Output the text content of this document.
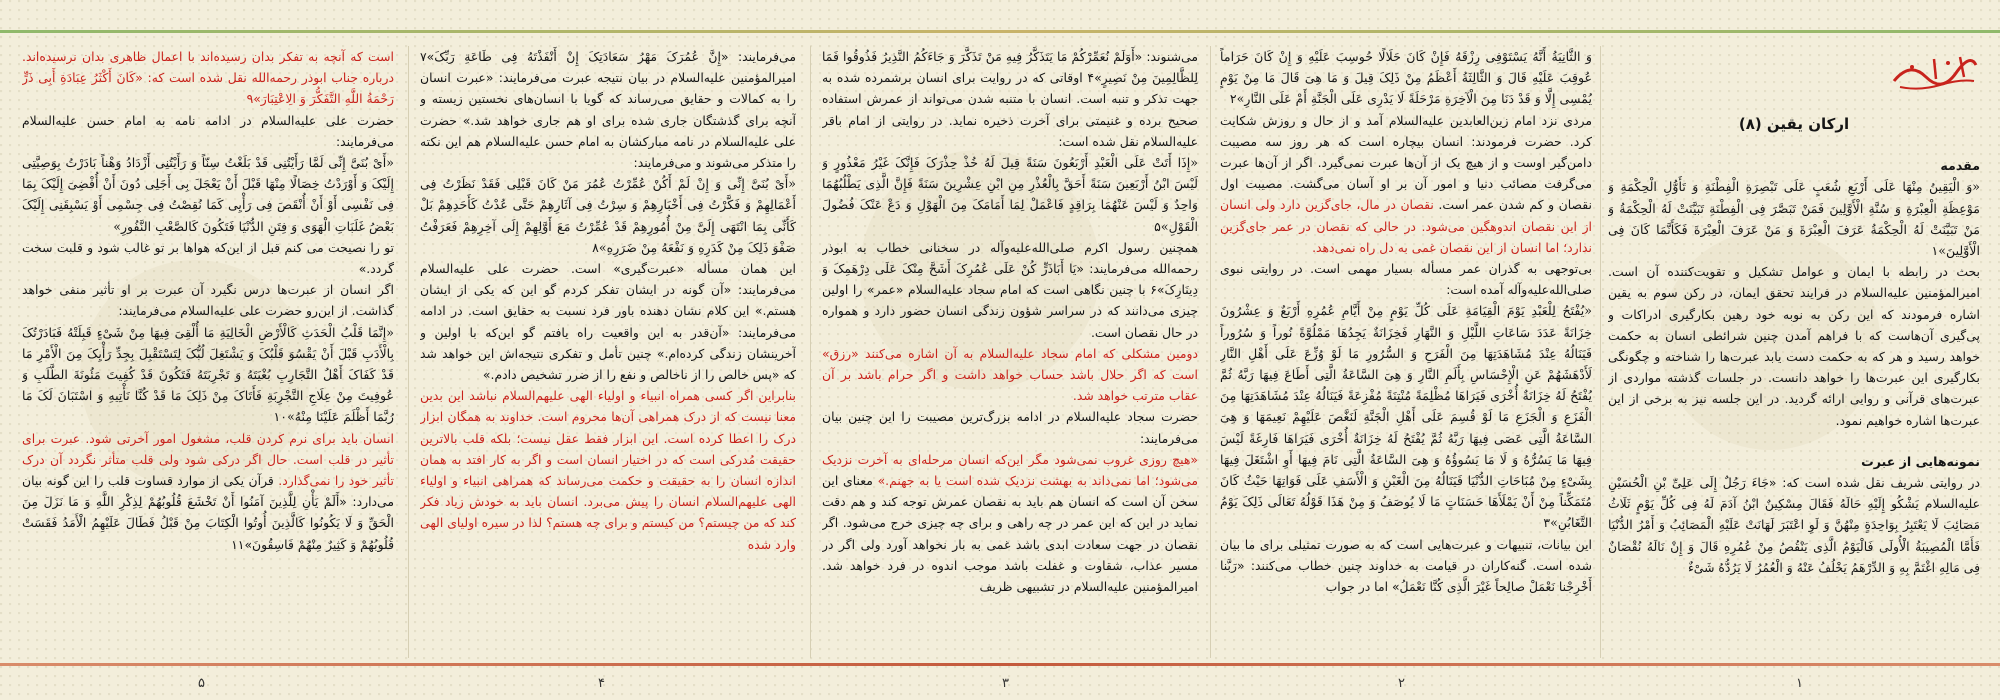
ارکان یقین (۸)

مقدمه

«وَ الْیَقِینُ مِنْهَا عَلَی أَرْبَعِ شُعَبٍ عَلَی تَبْصِرَةِ الْفِطْنَةِ وَ تَأَوُّلِ الْحِکْمَةِ وَ مَوْعِظَةِ الْعِبْرَةِ وَ سُنَّةِ الْأَوَّلِینَ فَمَنْ تَبَصَّرَ فِی الْفِطْنَةِ تَبَیَّنَتْ لَهُ الْحِکْمَةُ وَ مَنْ تَبَیَّنَتْ لَهُ الْحِکْمَةُ عَرَفَ الْعِبْرَةَ وَ مَنْ عَرَفَ الْعِبْرَةَ فَکَأَنَّمَا کَانَ فِی الْأَوَّلِینَ»۱

بحث در رابطه با ایمان و عوامل تشکیل و تقویت‌کننده آن است. امیرالمؤمنین علیه‌السلام در فرایند تحقق ایمان، در رکن سوم به یقین اشاره فرمودند که این رکن به نوبه خود رهین بکارگیری ادراکات و پی‌گیری آن‌هاست که با فراهم آمدن چنین شرائطی انسان به حکمت خواهد رسید و هر که به حکمت دست یابد عبرت‌ها را شناخته و چگونگی بکارگیری این عبرت‌ها را خواهد دانست. در جلسات گذشته مواردی از عبرت‌های قرآنی و روایی ارائه گردید. در این جلسه نیز به برخی از این عبرت‌ها اشاره خواهیم نمود.

نمونه‌هایی از عبرت

در روایتی شریف نقل شده است که: «جَاءَ رَجُلٌ إِلَی عَلِیِّ بْنِ الْحُسَیْنِ علیه‌السلام یَشْکُو إِلَیْهِ حَالَهُ فَقَالَ مِسْکِینٌ ابْنُ آدَمَ لَهُ فِی کُلِّ یَوْمٍ ثَلَاثُ مَصَائِبَ لَا یَعْتَبِرُ بِوَاحِدَةٍ مِنْهُنَّ وَ لَوِ اعْتَبَرَ لَهَانَتْ عَلَیْهِ الْمَصَائِبُ وَ أَمْرُ الدُّنْیَا فَأَمَّا الْمُصِیبَةُ الْأُولَی فَالْیَوْمُ الَّذِی یَنْقُصُ مِنْ عُمُرِهِ قَالَ وَ إِنْ نَالَهُ نُقْصَانٌ فِی مَالِهِ اغْتَمَّ بِهِ وَ الدِّرْهَمُ یَخْلُفُ عَنْهُ وَ الْعُمُرُ لَا یَرُدُّهُ شَیْءٌ

وَ الثَّانِیَةُ أَنَّهُ یَسْتَوْفِی رِزْقَهُ فَإِنْ کَانَ حَلَالًا حُوسِبَ عَلَیْهِ وَ إِنْ کَانَ حَرَاماً عُوقِبَ عَلَیْهِ قَالَ وَ الثَّالِثَةُ أَعْظَمُ مِنْ ذَلِکَ قِیلَ وَ مَا هِیَ قَالَ مَا مِنْ یَوْمٍ یُمْسِی إِلَّا وَ قَدْ دَنَا مِنَ الْآخِرَةِ مَرْحَلَةً لَا یَدْرِی عَلَی الْجَنَّةِ أَمْ عَلَی النَّارِ»۲

مردی نزد امام زین‌العابدین علیه‌السلام آمد و از حال و روزش شکایت کرد. حضرت فرمودند: انسان بیچاره است که هر روز سه مصیبت دامن‌گیر اوست و از هیچ یک از آن‌ها عبرت نمی‌گیرد. اگر از آن‌ها عبرت می‌گرفت مصائب دنیا و امور آن بر او آسان می‌گشت. مصیبت اول نقصان و کم شدن عمر است. نقصان در مال، جای‌گزین دارد ولی انسان از این نقصان اندوهگین می‌شود. در حالی که نقصان در عمر جای‌گزین ندارد؛ اما انسان از این نقصان غمی به دل راه نمی‌دهد.

بی‌توجهی به گذران عمر مسأله بسیار مهمی است. در روایتی نبوی صلی‌الله‌علیه‌وآله آمده است:

«یُفْتَحُ لِلْعَبْدِ یَوْمَ الْقِیَامَةِ عَلَی کُلِّ یَوْمٍ مِنْ أَیَّامِ عُمُرِهِ أَرْبَعٌ وَ عِشْرُونَ خِزَانَةً عَدَدَ سَاعَاتِ اللَّیْلِ وَ النَّهَارِ فَخِزَانَةٌ یَجِدُهَا مَمْلُوَّةً نُوراً وَ سُرُوراً فَیَنَالُهُ عِنْدَ مُشَاهَدَتِهَا مِنَ الْفَرَحِ وَ السُّرُورِ مَا لَوْ وُزِّعَ عَلَی أَهْلِ النَّارِ لَأَدْهَشَهُمْ عَنِ الْإِحْسَاسِ بِأَلَمِ النَّارِ وَ هِیَ السَّاعَةُ الَّتِی أَطَاعَ فِیهَا رَبَّهُ ثُمَّ یُفْتَحُ لَهُ خِزَانَةٌ أُخْرَی فَیَرَاهَا مُظْلِمَةً مُنْتِنَةً مُفْزِعَةً فَیَنَالُهُ عِنْدَ مُشَاهَدَتِهَا مِنَ الْفَزَعِ وَ الْجَزَعِ مَا لَوْ قُسِمَ عَلَی أَهْلِ الْجَنَّةِ لَنَغَّصَ عَلَیْهِمْ نَعِیمَهَا وَ هِیَ السَّاعَةُ الَّتِی عَصَی فِیهَا رَبَّهُ ثُمَّ یُفْتَحُ لَهُ خِزَانَةٌ أُخْرَی فَیَرَاهَا فَارِغَةً لَیْسَ فِیهَا مَا یَسُرُّهُ وَ لَا مَا یَسُوؤُهُ وَ هِیَ السَّاعَةُ الَّتِی نَامَ فِیهَا أَوِ اشْتَغَلَ فِیهَا بِشَیْءٍ مِنْ مُبَاحَاتِ الدُّنْیَا فَیَنَالُهُ مِنَ الْغَبْنِ وَ الْأَسَفِ عَلَی فَوَاتِهَا حَیْثُ کَانَ مُتَمَکِّناً مِنْ أَنْ یَمْلَأَهَا حَسَنَاتٍ مَا لَا یُوصَفُ وَ مِنْ هَذَا قَوْلُهُ تَعَالَی ذَلِکَ یَوْمُ التَّغَابُنِ»۳

این بیانات، تنبیهات و عبرت‌هایی است که به صورت تمثیلی برای ما بیان شده است. گنه‌کاران در قیامت به خداوند چنین خطاب می‌کنند: «رَبَّنا أَخْرِجْنا نَعْمَلْ صالِحاً غَیْرَ الَّذِی کُنَّا نَعْمَلُ» اما در جواب

می‌شنوند: «أَوَلَمْ نُعَمِّرْکُمْ مَا یَتَذَکَّرُ فِیهِ مَنْ تَذَکَّرَ وَ جَاءَکُمُ النَّذِیرُ فَذُوقُوا فَمَا لِلظَّالِمِینَ مِنْ نَصِیرٍ»۴ اوقاتی که در روایت برای انسان برشمرده شده به جهت تذکر و تنبه است. انسان با متنبه شدن می‌تواند از عمرش استفاده صحیح برده و غنیمتی برای آخرت ذخیره نماید. در روایتی از امام باقر علیه‌السلام نقل شده است:

«إِذَا أَتَتْ عَلَی الْعَبْدِ أَرْبَعُونَ سَنَةً قِیلَ لَهُ خُذْ حِذْرَکَ فَإِنَّکَ غَیْرُ مَعْذُورٍ وَ لَیْسَ ابْنُ أَرْبَعِینَ سَنَةً أَحَقَّ بِالْعُذْرِ مِنِ ابْنِ عِشْرِینَ سَنَةً فَإِنَّ الَّذِی یَطْلُبُهُمَا وَاحِدٌ وَ لَیْسَ عَنْهُمَا بِرَاقِدٍ فَاعْمَلْ لِمَا أَمَامَکَ مِنَ الْهَوْلِ وَ دَعْ عَنْکَ فُضُولَ الْقَوْلِ»۵

همچنین رسول اکرم صلی‌الله‌علیه‌وآله در سخنانی خطاب به ابوذر رحمه‌الله می‌فرمایند: «یَا أَبَاذَرٍّ کُنْ عَلَی عُمُرِکَ أَشَحَّ مِنْکَ عَلَی دِرْهَمِکَ وَ دِینَارِکَ»۶ با چنین نگاهی است که امام سجاد علیه‌السلام «عمر» را اولین چیزی می‌دانند که در سراسر شؤون زندگی انسان حضور دارد و همواره در حال نقصان است.

دومین مشکلی که امام سجاد علیه‌السلام به آن اشاره می‌کنند «رزق» است که اگر حلال باشد حساب خواهد داشت و اگر حرام باشد بر آن عقاب مترتب خواهد شد.

حضرت سجاد علیه‌السلام در ادامه بزرگ‌ترین مصیبت را این چنین بیان می‌فرمایند:

«هیچ روزی غروب نمی‌شود مگر این‌که انسان مرحله‌ای به آخرت نزدیک می‌شود؛ اما نمی‌داند به بهشت نزدیک شده است یا به جهنم.» معنای این سخن آن است که انسان هم باید به نقصان عمرش توجه کند و هم دقت نماید در این که این عمر در چه راهی و برای چه چیزی خرج می‌شود. اگر نقصان در جهت سعادت ابدی باشد غمی به بار نخواهد آورد ولی اگر در مسیر عذاب، شقاوت و غفلت باشد موجب اندوه در فرد خواهد شد. امیرالمؤمنین علیه‌السلام در تشبیهی ظریف

می‌فرمایند: «إِنَّ عُمُرَکَ مَهْرُ سَعَادَتِکَ إِنْ أَنْفَذْتَهُ فِی طَاعَةِ رَبِّکَ»۷ امیرالمؤمنین علیه‌السلام در بیان نتیجه عبرت می‌فرمایند: «عبرت انسان را به کمالات و حقایق می‌رساند که گویا با انسان‌های نخستین زیسته و آنچه برای گذشتگان جاری شده برای او هم جاری خواهد شد.» حضرت علی علیه‌السلام در نامه مبارکشان به امام حسن علیه‌السلام هم این نکته را متذکر می‌شوند و می‌فرمایند:

«أَیْ بُنَیَّ إِنِّی وَ إِنْ لَمْ أَکُنْ عُمِّرْتُ عُمُرَ مَنْ کَانَ قَبْلِی فَقَدْ نَظَرْتُ فِی أَعْمَالِهِمْ وَ فَکَّرْتُ فِی أَخْبَارِهِمْ وَ سِرْتُ فِی آثَارِهِمْ حَتَّی عُدْتُ کَأَحَدِهِمْ بَلْ کَأَنِّی بِمَا انْتَهَی إِلَیَّ مِنْ أُمُورِهِمْ قَدْ عُمِّرْتُ مَعَ أَوَّلِهِمْ إِلَی آخِرِهِمْ فَعَرَفْتُ صَفْوَ ذَلِکَ مِنْ کَدَرِهِ وَ نَفْعَهُ مِنْ ضَرَرِهِ»۸

این همان مسأله «عبرت‌گیری» است. حضرت علی علیه‌السلام می‌فرمایند: «آن گونه در ایشان تفکر کردم گو این که یکی از ایشان هستم.» این کلام نشان دهنده باور فرد نسبت به حقایق است. در ادامه می‌فرمایند: «آن‌قدر به این واقعیت راه یافتم گو این‌که با اولین و آخرینشان زندگی کرده‌ام.» چنین تأمل و تفکری نتیجه‌اش این خواهد شد که «پس خالص را از ناخالص و نفع را از ضرر تشخیص دادم.»

بنابراین اگر کسی همراه انبیاء و اولیاء الهی علیهم‌السلام نباشد این بدین معنا نیست که از درک همراهی آن‌ها محروم است. خداوند به همگان ابزار درک را اعطا کرده است. این ابزار فقط عقل نیست؛ بلکه قلب بالاترین حقیقت مُدرکی است که در اختیار انسان است و اگر به کار افتد به همان اندازه انسان را به حقیقت و حکمت می‌رساند که همراهی انبیاء و اولیاء الهی علیهم‌السلام انسان را پیش می‌برد. انسان باید به خودش زیاد فکر کند که من چیستم؟ من کیستم و برای چه هستم؟ لذا در سیره اولیای الهی وارد شده

است که آنچه به تفکر بدان رسیده‌اند با اعمال ظاهری بدان نرسیده‌اند. درباره جناب ابوذر رحمه‌الله نقل شده است که: «کَانَ أَکْثَرُ عِبَادَةِ أَبِی ذَرٍّ رَحْمَةُ اللَّهِ التَّفَکُّرَ وَ الِاعْتِبَارَ»۹

حضرت علی علیه‌السلام در ادامه نامه به امام حسن علیه‌السلام می‌فرمایند:

«أَیْ بُنَیَّ إِنِّی لَمَّا رَأَیْتُنِی قَدْ بَلَغْتُ سِنّاً وَ رَأَیْتُنِی أَزْدَادُ وَهْناً بَادَرْتُ بِوَصِیَّتِی إِلَیْکَ وَ أَوْرَدْتُ خِصَالًا مِنْهَا قَبْلَ أَنْ یَعْجَلَ بِی أَجَلِی دُونَ أَنْ أُفْضِیَ إِلَیْکَ بِمَا فِی نَفْسِی أَوْ أَنْ أُنْقَصَ فِی رَأْیِی کَمَا نُقِصْتُ فِی جِسْمِی أَوْ یَسْبِقَنِی إِلَیْکَ بَعْضُ غَلَبَاتِ الْهَوَی وَ فِتَنِ الدُّنْیَا فَتَکُونَ کَالصَّعْبِ النَّفُورِ»

تو را نصیحت می کنم قبل از این‌که هواها بر تو غالب شود و قلبت سخت گردد.»

اگر انسان از عبرت‌ها درس نگیرد آن عبرت بر او تأثیر منفی خواهد گذاشت. از این‌رو حضرت علی علیه‌السلام می‌فرمایند:

«إِنَّمَا قَلْبُ الْحَدَثِ کَالْأَرْضِ الْخَالِیَةِ مَا أُلْقِیَ فِیهَا مِنْ شَیْءٍ قَبِلَتْهُ فَبَادَرْتُکَ بِالْأَدَبِ قَبْلَ أَنْ یَقْسُوَ قَلْبُکَ وَ یَشْتَغِلَ لُبُّکَ لِتَسْتَقْبِلَ بِجِدِّ رَأْیِکَ مِنَ الْأَمْرِ مَا قَدْ کَفَاکَ أَهْلُ التَّجَارِبِ بُغْیَتَهُ وَ تَجْرِبَتَهُ فَتَکُونَ قَدْ کُفِیتَ مَئُونَةَ الطَّلَبِ وَ عُوفِیتَ مِنْ عِلَاجِ التَّجْرِبَةِ فَأَتَاکَ مِنْ ذَلِکَ مَا قَدْ کُنَّا نَأْتِیهِ وَ اسْتَبَانَ لَکَ مَا رُبَّمَا أَظْلَمَ عَلَیْنَا مِنْهُ»۱۰

انسان باید برای نرم کردن قلب، مشغول امور آخرتی شود. عبرت برای تأثیر در قلب است. حال اگر درکی شود ولی قلب متأثر نگردد آن درک تأثیر خود را نمی‌گذارد. قرآن یکی از موارد قساوت قلب را این گونه بیان می‌دارد: «أَلَمْ یَأْنِ لِلَّذِینَ آمَنُوا أَنْ تَخْشَعَ قُلُوبُهُمْ لِذِکْرِ اللَّهِ وَ مَا نَزَلَ مِنَ الْحَقِّ وَ لَا یَکُونُوا کَالَّذِینَ أُوتُوا الْکِتَابَ مِنْ قَبْلُ فَطَالَ عَلَیْهِمُ الْأَمَدُ فَقَسَتْ قُلُوبُهُمْ وَ کَثِیرٌ مِنْهُمْ فَاسِقُونَ»۱۱

۱
۲
۳
۴
۵
